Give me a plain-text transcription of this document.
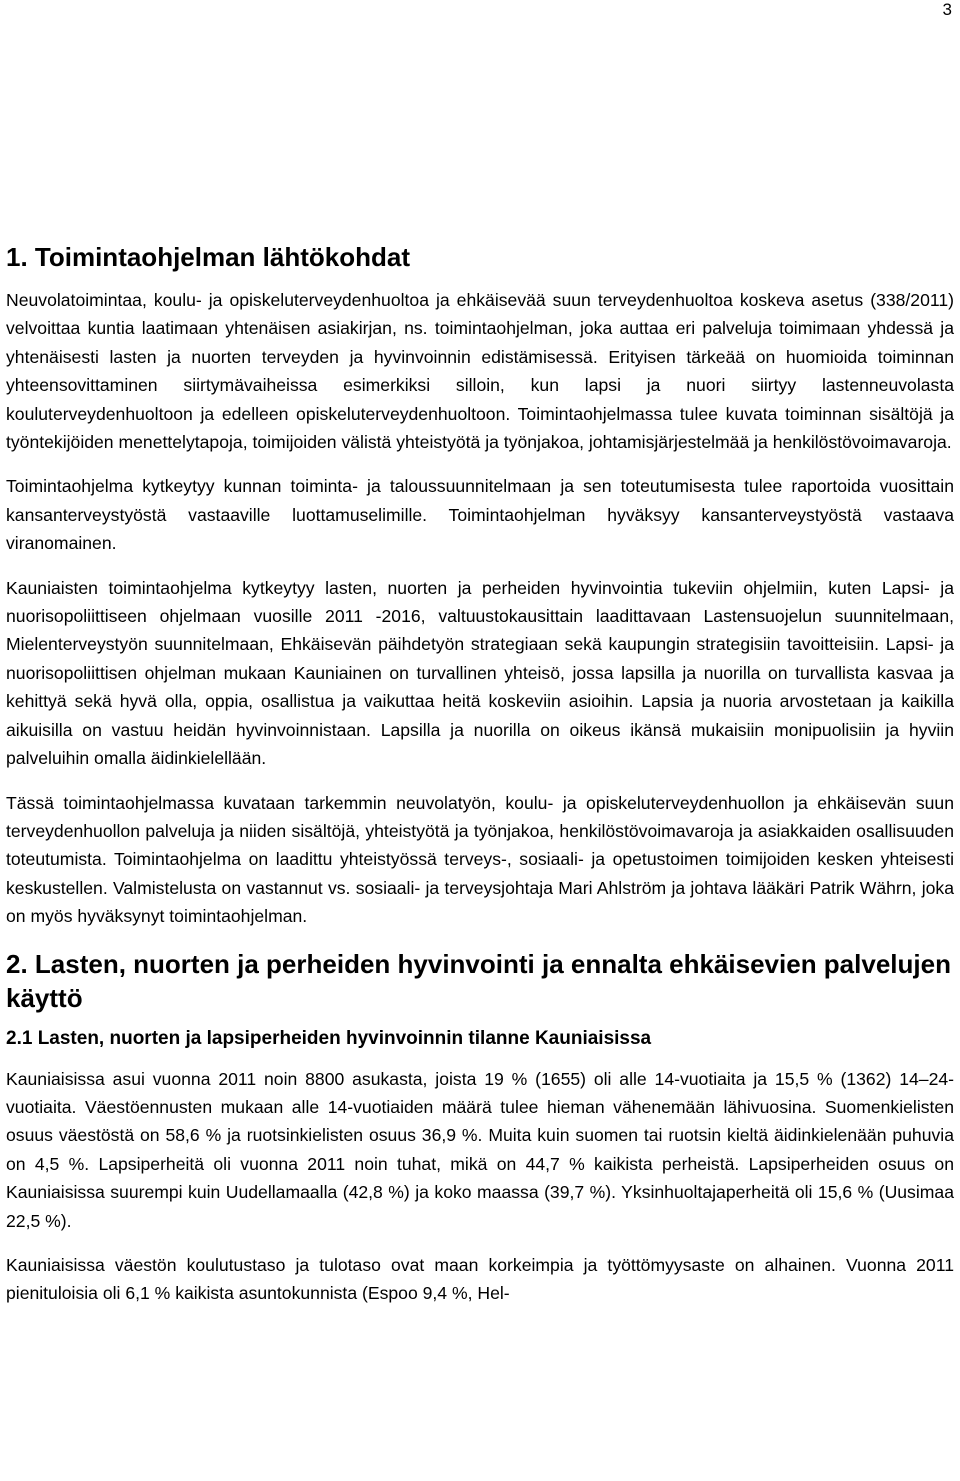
3
1. Toimintaohjelman lähtökohdat

Neuvolatoimintaa, koulu- ja opiskeluterveydenhuoltoa ja ehkäisevää suun terveydenhuoltoa koskeva asetus (338/2011) velvoittaa kuntia laatimaan yhtenäisen asiakirjan, ns. toimintaohjelman, joka auttaa eri palveluja toimimaan yhdessä ja yhtenäisesti lasten ja nuorten terveyden ja hyvinvoinnin edistämisessä. Erityisen tärkeää on huomioida toiminnan yhteensovittaminen siirtymävaiheissa esimerkiksi silloin, kun lapsi ja nuori siirtyy lastenneuvolasta kouluterveydenhuoltoon ja edelleen opiskeluterveydenhuoltoon. Toimintaohjelmassa tulee kuvata toiminnan sisältöjä ja työntekijöiden menettelytapoja, toimijoiden välistä yhteistyötä ja työnjakoa, johtamisjärjestelmää ja henkilöstövoimavaroja.

Toimintaohjelma kytkeytyy kunnan toiminta- ja taloussuunnitelmaan ja sen toteutumisesta tulee raportoida vuosittain kansanterveystyöstä vastaaville luottamuselimille. Toimintaohjelman hyväksyy kansanterveystyöstä vastaava viranomainen.

Kauniaisten toimintaohjelma kytkeytyy lasten, nuorten ja perheiden hyvinvointia tukeviin ohjelmiin, kuten Lapsi- ja nuorisopoliittiseen ohjelmaan vuosille 2011 -2016, valtuustokausittain laadittavaan Lastensuojelun suunnitelmaan, Mielenterveystyön suunnitelmaan, Ehkäisevän päihdetyön strategiaan sekä kaupungin strategisiin tavoitteisiin. Lapsi- ja nuorisopoliittisen ohjelman mukaan Kauniainen on turvallinen yhteisö, jossa lapsilla ja nuorilla on turvallista kasvaa ja kehittyä sekä hyvä olla, oppia, osallistua ja vaikuttaa heitä koskeviin asioihin. Lapsia ja nuoria arvostetaan ja kaikilla aikuisilla on vastuu heidän hyvinvoinnistaan. Lapsilla ja nuorilla on oikeus ikänsä mukaisiin monipuolisiin ja hyviin palveluihin omalla äidinkielellään.

Tässä toimintaohjelmassa kuvataan tarkemmin neuvolatyön, koulu- ja opiskeluterveydenhuollon ja ehkäisevän suun terveydenhuollon palveluja ja niiden sisältöjä, yhteistyötä ja työnjakoa, henkilöstövoimavaroja ja asiakkaiden osallisuuden toteutumista. Toimintaohjelma on laadittu yhteistyössä terveys-, sosiaali- ja opetustoimen toimijoiden kesken yhteisesti keskustellen. Valmistelusta on vastannut vs. sosiaali- ja terveysjohtaja Mari Ahlström ja johtava lääkäri Patrik Währn, joka on myös hyväksynyt toimintaohjelman.

2. Lasten, nuorten ja perheiden hyvinvointi ja ennalta ehkäisevien palvelujen käyttö
2.1 Lasten, nuorten ja lapsiperheiden hyvinvoinnin tilanne Kauniaisissa

Kauniaisissa asui vuonna 2011 noin 8800 asukasta, joista 19 % (1655) oli alle 14-vuotiaita ja 15,5 % (1362) 14–24-vuotiaita. Väestöennusten mukaan alle 14-vuotiaiden määrä tulee hieman vähenemään lähivuosina. Suomenkielisten osuus väestöstä on 58,6 % ja ruotsinkielisten osuus 36,9 %. Muita kuin suomen tai ruotsin kieltä äidinkielenään puhuvia on 4,5 %. Lapsiperheitä oli vuonna 2011 noin tuhat, mikä on 44,7 % kaikista perheistä. Lapsiperheiden osuus on Kauniaisissa suurempi kuin Uudellamaalla (42,8 %) ja koko maassa (39,7 %). Yksinhuoltajaperheitä oli 15,6 % (Uusimaa 22,5 %).

Kauniaisissa väestön koulutustaso ja tulotaso ovat maan korkeimpia ja työttömyysaste on alhainen. Vuonna 2011 pienituloisia oli 6,1 % kaikista asuntokunnista (Espoo 9,4 %, Hel-
